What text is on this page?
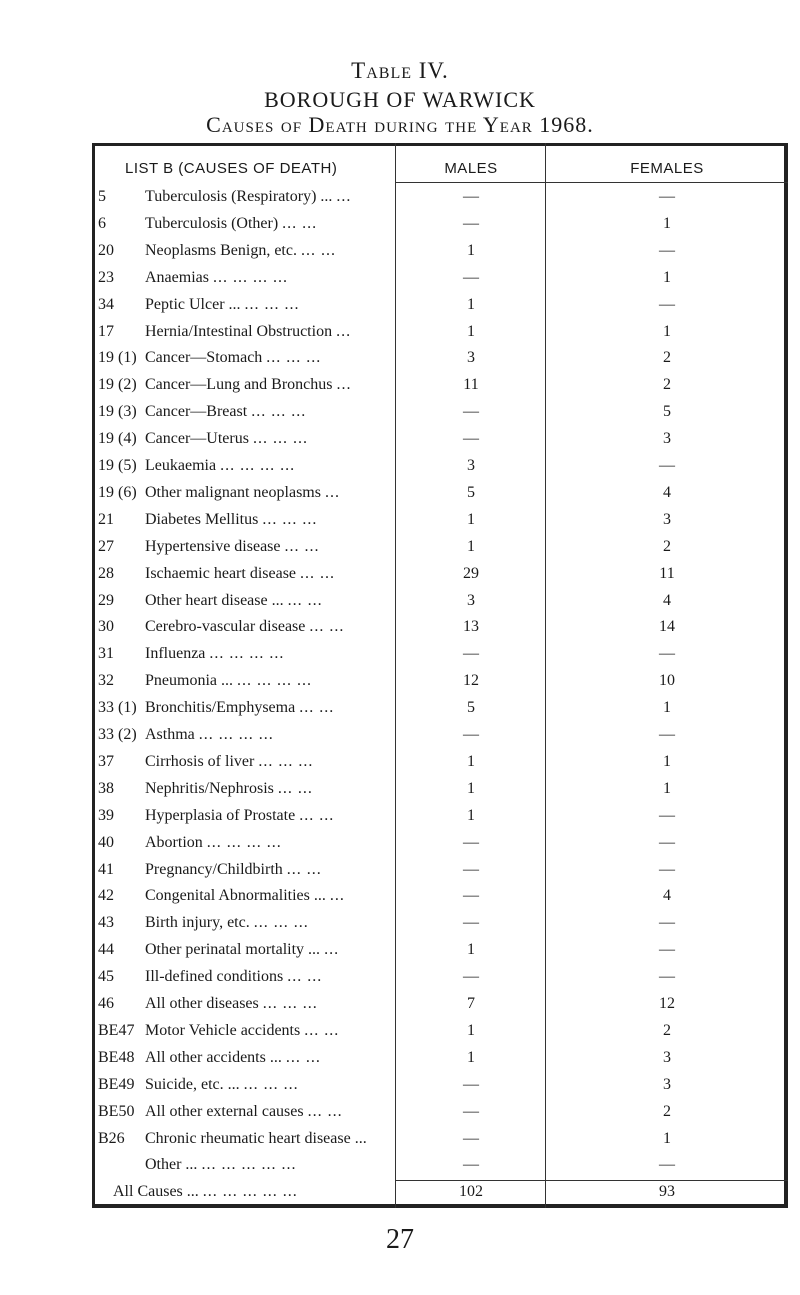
Table IV.
BOROUGH OF WARWICK
Causes of Death during the Year 1968.
LIST B (CAUSES OF DEATH)	MALES	FEMALES
5 Tuberculosis (Respiratory) ... ...	—	—
6 Tuberculosis (Other) ... ...	—	1
20 Neoplasms Benign, etc. ... ...	1	—
23 Anaemias ... ... ... ...	—	1
34 Peptic Ulcer ... ... ... ...	1	—
17 Hernia/Intestinal Obstruction ...	1	1
19 (1) Cancer—Stomach ... ... ...	3	2
19 (2) Cancer—Lung and Bronchus ...	11	2
19 (3) Cancer—Breast ... ... ...	—	5
19 (4) Cancer—Uterus ... ... ...	—	3
19 (5) Leukaemia ... ... ... ...	3	—
19 (6) Other malignant neoplasms ...	5	4
21 Diabetes Mellitus ... ... ...	1	3
27 Hypertensive disease ... ...	1	2
28 Ischaemic heart disease ... ...	29	11
29 Other heart disease ... ... ...	3	4
30 Cerebro-vascular disease ... ...	13	14
31 Influenza ... ... ... ...	—	—
32 Pneumonia ... ... ... ... ...	12	10
33 (1) Bronchitis/Emphysema ... ...	5	1
33 (2) Asthma ... ... ... ...	—	—
37 Cirrhosis of liver ... ... ...	1	1
38 Nephritis/Nephrosis ... ...	1	1
39 Hyperplasia of Prostate ... ...	1	—
40 Abortion ... ... ... ...	—	—
41 Pregnancy/Childbirth ... ...	—	—
42 Congenital Abnormalities ... ...	—	4
43 Birth injury, etc. ... ... ...	—	—
44 Other perinatal mortality ... ...	1	—
45 Ill-defined conditions ... ...	—	—
46 All other diseases ... ... ...	7	12
BE47 Motor Vehicle accidents ... ...	1	2
BE48 All other accidents ... ... ...	1	3
BE49 Suicide, etc. ... ... ... ...	—	3
BE50 All other external causes ... ...	—	2
B26 Chronic rheumatic heart disease ...	—	1
Other ... ... ... ... ... ...	—	—
All Causes ... ... ... ... ... ...	102	93
27
